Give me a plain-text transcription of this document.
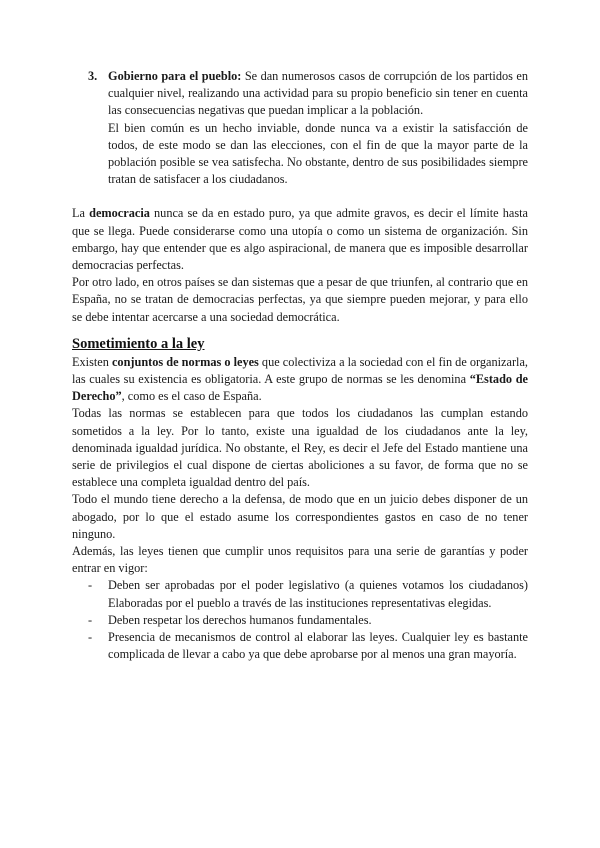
3. Gobierno para el pueblo: Se dan numerosos casos de corrupción de los partidos en cualquier nivel, realizando una actividad para su propio beneficio sin tener en cuenta las consecuencias negativas que puedan implicar a la población.

El bien común es un hecho inviable, donde nunca va a existir la satisfacción de todos, de este modo se dan las elecciones, con el fin de que la mayor parte de la población posible se vea satisfecha. No obstante, dentro de sus posibilidades siempre tratan de satisfacer a los ciudadanos.

La democracia nunca se da en estado puro, ya que admite gravos, es decir el límite hasta que se llega. Puede considerarse como una utopía o como un sistema de organización. Sin embargo, hay que entender que es algo aspiracional, de manera que es imposible desarrollar democracias perfectas.

Por otro lado, en otros países se dan sistemas que a pesar de que triunfen, al contrario que en España, no se tratan de democracias perfectas, ya que siempre pueden mejorar, y para ello se debe intentar acercarse a una sociedad democrática.

Sometimiento a la ley

Existen conjuntos de normas o leyes que colectiviza a la sociedad con el fin de organizarla, las cuales su existencia es obligatoria. A este grupo de normas se les denomina “Estado de Derecho”, como es el caso de España.

Todas las normas se establecen para que todos los ciudadanos las cumplan estando sometidos a la ley. Por lo tanto, existe una igualdad de los ciudadanos ante la ley, denominada igualdad jurídica. No obstante, el Rey, es decir el Jefe del Estado mantiene una serie de privilegios el cual dispone de ciertas aboliciones a su favor, de forma que no se establece una completa igualdad dentro del país.

Todo el mundo tiene derecho a la defensa, de modo que en un juicio debes disponer de un abogado, por lo que el estado asume los correspondientes gastos en caso de no tener ninguno.

Además, las leyes tienen que cumplir unos requisitos para una serie de garantías y poder entrar en vigor:

- Deben ser aprobadas por el poder legislativo (a quienes votamos los ciudadanos) Elaboradas por el pueblo a través de las instituciones representativas elegidas.

- Deben respetar los derechos humanos fundamentales.

- Presencia de mecanismos de control al elaborar las leyes. Cualquier ley es bastante complicada de llevar a cabo ya que debe aprobarse por al menos una gran mayoría.
